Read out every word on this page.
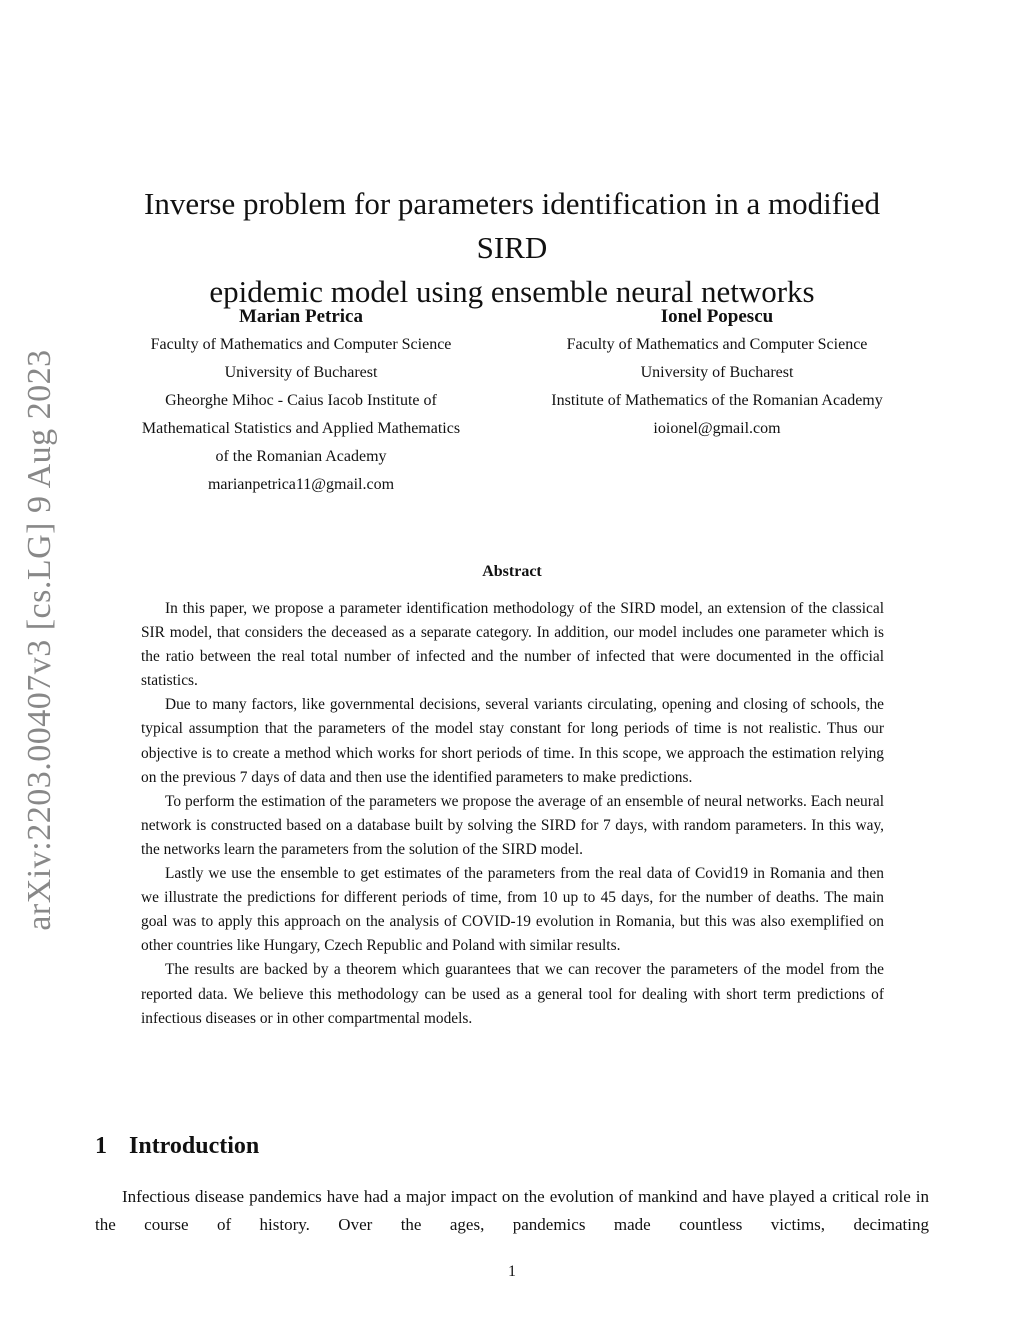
arXiv:2203.00407v3 [cs.LG] 9 Aug 2023
Inverse problem for parameters identification in a modified SIRD
epidemic model using ensemble neural networks
Marian Petrica
Faculty of Mathematics and Computer Science
University of Bucharest
Gheorghe Mihoc - Caius Iacob Institute of
Mathematical Statistics and Applied Mathematics
of the Romanian Academy
marianpetrica11@gmail.com
Ionel Popescu
Faculty of Mathematics and Computer Science
University of Bucharest
Institute of Mathematics of the Romanian Academy
ioionel@gmail.com
Abstract

In this paper, we propose a parameter identification methodology of the SIRD model, an extension of the classical SIR model, that considers the deceased as a separate category. In addition, our model includes one parameter which is the ratio between the real total number of infected and the number of infected that were documented in the official statistics.

Due to many factors, like governmental decisions, several variants circulating, opening and closing of schools, the typical assumption that the parameters of the model stay constant for long periods of time is not realistic. Thus our objective is to create a method which works for short periods of time. In this scope, we approach the estimation relying on the previous 7 days of data and then use the identified parameters to make predictions.

To perform the estimation of the parameters we propose the average of an ensemble of neural networks. Each neural network is constructed based on a database built by solving the SIRD for 7 days, with random parameters. In this way, the networks learn the parameters from the solution of the SIRD model.

Lastly we use the ensemble to get estimates of the parameters from the real data of Covid19 in Romania and then we illustrate the predictions for different periods of time, from 10 up to 45 days, for the number of deaths. The main goal was to apply this approach on the analysis of COVID-19 evolution in Romania, but this was also exemplified on other countries like Hungary, Czech Republic and Poland with similar results.

The results are backed by a theorem which guarantees that we can recover the parameters of the model from the reported data. We believe this methodology can be used as a general tool for dealing with short term predictions of infectious diseases or in other compartmental models.

1 Introduction

Infectious disease pandemics have had a major impact on the evolution of mankind and have played a critical role in the course of history. Over the ages, pandemics made countless victims, decimating

1
